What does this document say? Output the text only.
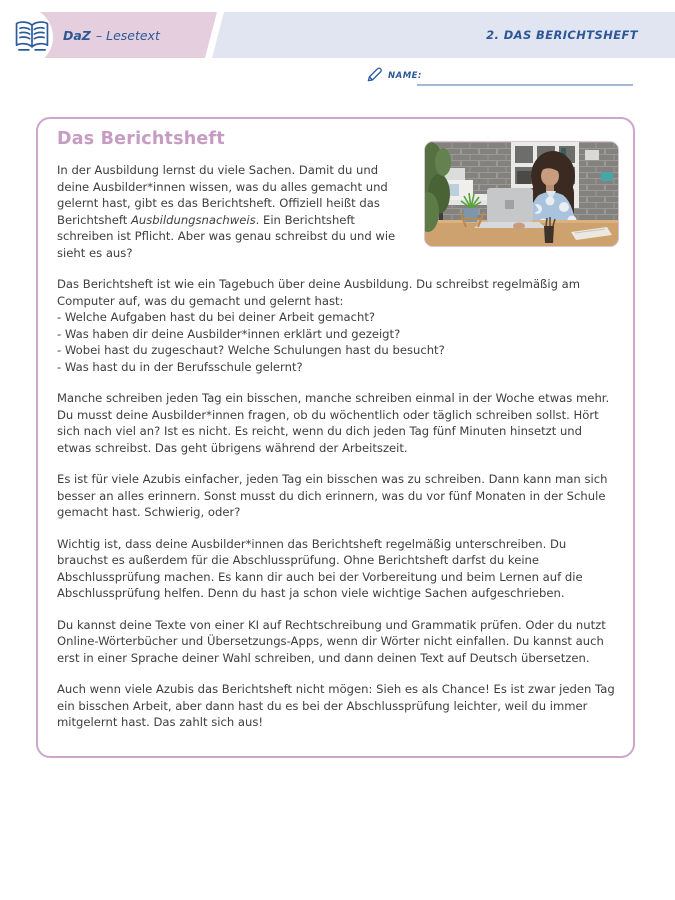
DaZ – Lesetext	2. DAS BERICHTSHEFT
NAME:
Das Berichtsheft

In der Ausbildung lernst du viele Sachen. Damit du und deine Ausbilder*innen wissen, was du alles gemacht und gelernt hast, gibt es das Berichtsheft. Offiziell heißt das Berichtsheft Ausbildungsnachweis. Ein Berichtsheft schreiben ist Pflicht. Aber was genau schreibst du und wie sieht es aus?

Das Berichtsheft ist wie ein Tagebuch über deine Ausbildung. Du schreibst regelmäßig am Computer auf, was du gemacht und gelernt hast:
- Welche Aufgaben hast du bei deiner Arbeit gemacht?
- Was haben dir deine Ausbilder*innen erklärt und gezeigt?
- Wobei hast du zugeschaut? Welche Schulungen hast du besucht?
- Was hast du in der Berufsschule gelernt?

Manche schreiben jeden Tag ein bisschen, manche schreiben einmal in der Woche etwas mehr. Du musst deine Ausbilder*innen fragen, ob du wöchentlich oder täglich schreiben sollst. Hört sich nach viel an? Ist es nicht. Es reicht, wenn du dich jeden Tag fünf Minuten hinsetzt und etwas schreibst. Das geht übrigens während der Arbeitszeit.

Es ist für viele Azubis einfacher, jeden Tag ein bisschen was zu schreiben. Dann kann man sich besser an alles erinnern. Sonst musst du dich erinnern, was du vor fünf Monaten in der Schule gemacht hast. Schwierig, oder?

Wichtig ist, dass deine Ausbilder*innen das Berichtsheft regelmäßig unterschreiben. Du brauchst es außerdem für die Abschlussprüfung. Ohne Berichtsheft darfst du keine Abschlussprüfung machen. Es kann dir auch bei der Vorbereitung und beim Lernen auf die Abschlussprüfung helfen. Denn du hast ja schon viele wichtige Sachen aufgeschrieben.

Du kannst deine Texte von einer KI auf Rechtschreibung und Grammatik prüfen. Oder du nutzt Online-Wörterbücher und Übersetzungs-Apps, wenn dir Wörter nicht einfallen. Du kannst auch erst in einer Sprache deiner Wahl schreiben, und dann deinen Text auf Deutsch übersetzen.

Auch wenn viele Azubis das Berichtsheft nicht mögen: Sieh es als Chance! Es ist zwar jeden Tag ein bisschen Arbeit, aber dann hast du es bei der Abschlussprüfung leichter, weil du immer mitgelernt hast. Das zahlt sich aus!
